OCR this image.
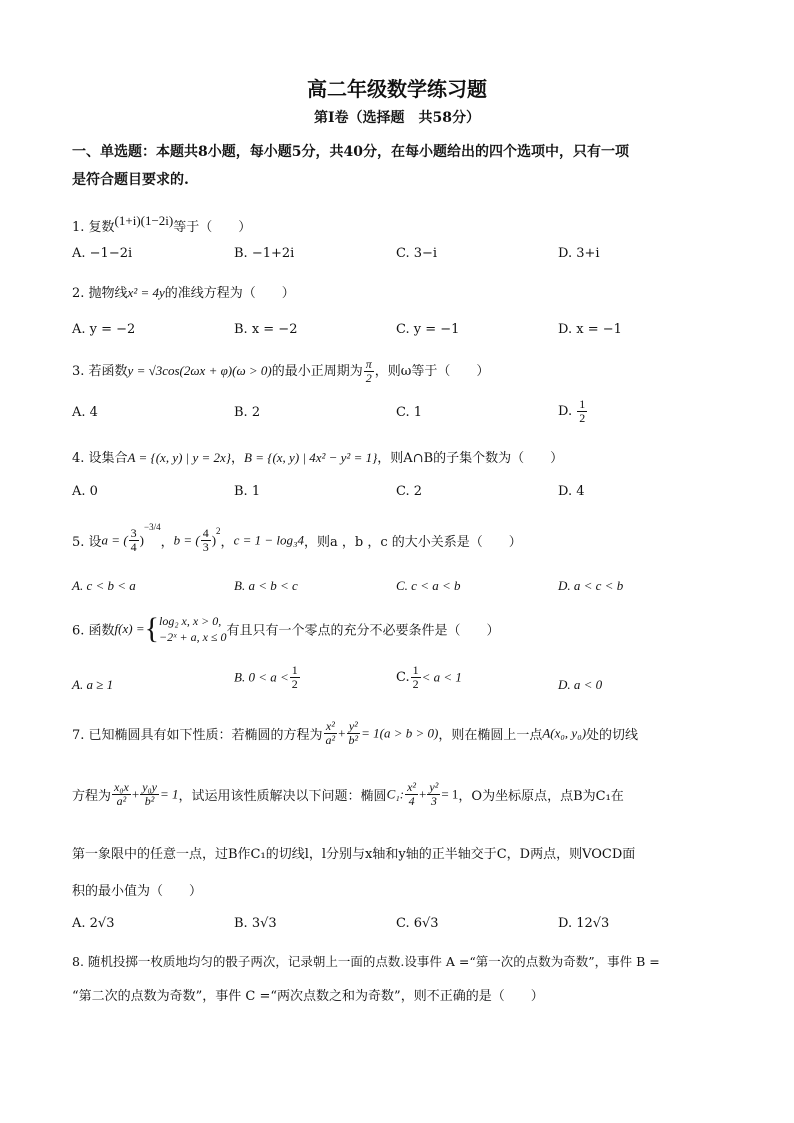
高二年级数学练习题
第Ⅰ卷（选择题　共58分）
一、单选题：本题共8小题，每小题5分，共40分，在每小题给出的四个选项中，只有一项
是符合题目要求的.
1. 复数(1+i)(1−2i)等于（　　）
A. −1−2i	B. −1+2i	C. 3−i	D. 3+i
2. 抛物线x² = 4y的准线方程为（　　）
A. y = −2	B. x = −2	C. y = −1	D. x = −1
3. 若函数y = √3cos(2ωx + φ)(ω > 0)的最小正周期为 $\frac{\pi}{2}$ ，则ω等于（　　）
A. 4	B. 2	C. 1	D. $\frac{1}{2}$
4. 设集合A = {(x, y) | y = 2x}，B = {(x, y) | 4x² − y² = 1}，则A∩B的子集个数为（　　）
A. 0	B. 1	C. 2	D. 4
5. 设a = ( $\frac{3}{4} )^{-3/4}$，b = ( $\frac{4}{3} )^2$，c = 1 − log₃4，则a ，b ，c 的大小关系是（　　）
A. c < b < a	B. a < b < c	C. c < a < b	D. a < c < b
6. 函数f(x) ={ log₂ x, x > 0,
−2ˣ + a, x ≤ 0 有且只有一个零点的充分不必要条件是（　　）
A. a ≥ 1	B. $0 < a < \frac{1}{2}$	C. $\frac{1}{2} < a < 1$	D. a < 0
7. 已知椭圆具有如下性质：若椭圆的方程为 $\frac{\text{x²}}{\text{a²}} + \frac{\text{y²}}{\text{b²}} = 1(a > b > 0)$，则在椭圆上一点A(x₀, y₀)处的切线
方程为 $\frac{\text{x₀x}}{\text{a²}} + \frac{\text{y₀y}}{\text{b²}} = 1$，试运用该性质解决以下问题：椭圆C₁: $\frac{\text{x²}}{4} + \frac{\text{y²}}{3} = 1$，O为坐标原点，点B为C₁在
第一象限中的任意一点，过B作C₁的切线l，l分别与x轴和y轴的正半轴交于C，D两点，则VOCD面
积的最小值为（　　）
A. 2√3	B. 3√3	C. 6√3	D. 12√3
8. 随机投掷一枚质地均匀的骰子两次，记录朝上一面的点数.设事件 A =“第一次的点数为奇数”，事件 B =
“第二次的点数为奇数”，事件 C =“两次点数之和为奇数”，则不正确的是（　　）
